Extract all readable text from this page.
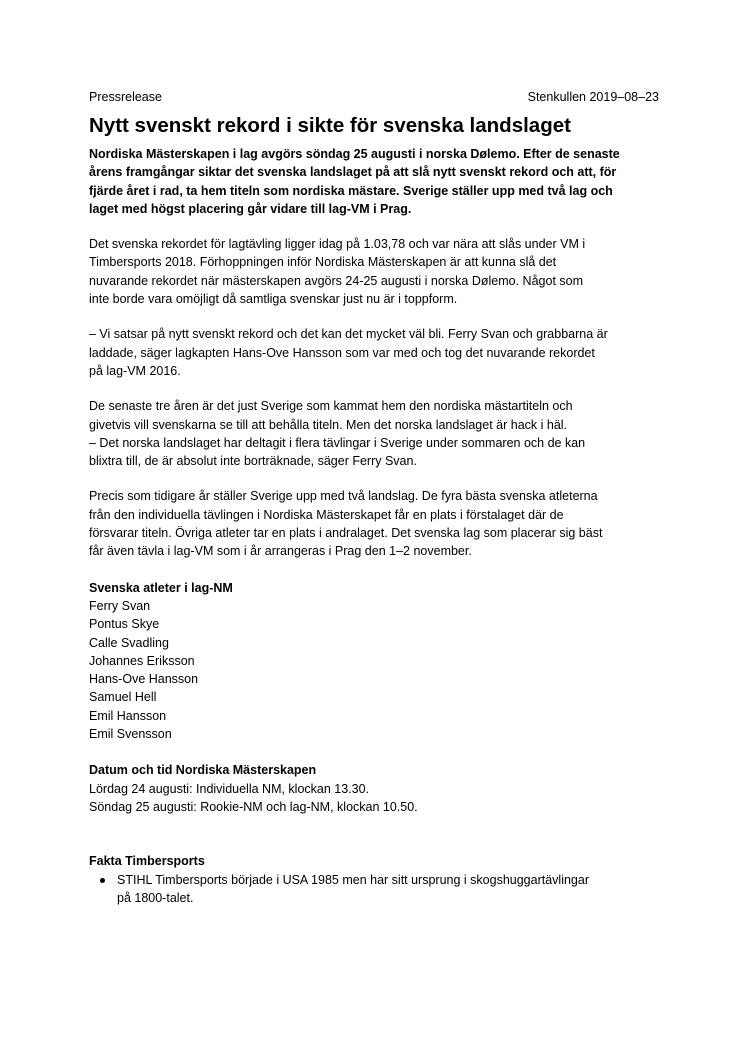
Pressrelease	Stenkullen 2019–08–23
Nytt svenskt rekord i sikte för svenska landslaget

Nordiska Mästerskapen i lag avgörs söndag 25 augusti i norska Dølemo. Efter de senaste
årens framgångar siktar det svenska landslaget på att slå nytt svenskt rekord och att, för
fjärde året i rad, ta hem titeln som nordiska mästare. Sverige ställer upp med två lag och
laget med högst placering går vidare till lag-VM i Prag.

Det svenska rekordet för lagtävling ligger idag på 1.03,78 och var nära att slås under VM i
Timbersports 2018. Förhoppningen inför Nordiska Mästerskapen är att kunna slå det
nuvarande rekordet när mästerskapen avgörs 24-25 augusti i norska Dølemo. Något som
inte borde vara omöjligt då samtliga svenskar just nu är i toppform.

– Vi satsar på nytt svenskt rekord och det kan det mycket väl bli. Ferry Svan och grabbarna är
laddade, säger lagkapten Hans-Ove Hansson som var med och tog det nuvarande rekordet
på lag-VM 2016.

De senaste tre åren är det just Sverige som kammat hem den nordiska mästartiteln och
givetvis vill svenskarna se till att behålla titeln. Men det norska landslaget är hack i häl.
– Det norska landslaget har deltagit i flera tävlingar i Sverige under sommaren och de kan
blixtra till, de är absolut inte borträknade, säger Ferry Svan.

Precis som tidigare år ställer Sverige upp med två landslag. De fyra bästa svenska atleterna
från den individuella tävlingen i Nordiska Mästerskapet får en plats i förstalaget där de
försvarar titeln. Övriga atleter tar en plats i andralaget. Det svenska lag som placerar sig bäst
får även tävla i lag-VM som i år arrangeras i Prag den 1–2 november.

Svenska atleter i lag-NM
Ferry Svan
Pontus Skye
Calle Svadling
Johannes Eriksson
Hans-Ove Hansson
Samuel Hell
Emil Hansson
Emil Svensson
Datum och tid Nordiska Mästerskapen
Lördag 24 augusti: Individuella NM, klockan 13.30.
Söndag 25 augusti: Rookie-NM och lag-NM, klockan 10.50.
Fakta Timbersports
STIHL Timbersports började i USA 1985 men har sitt ursprung i skogshuggartävlingar
på 1800-talet.
